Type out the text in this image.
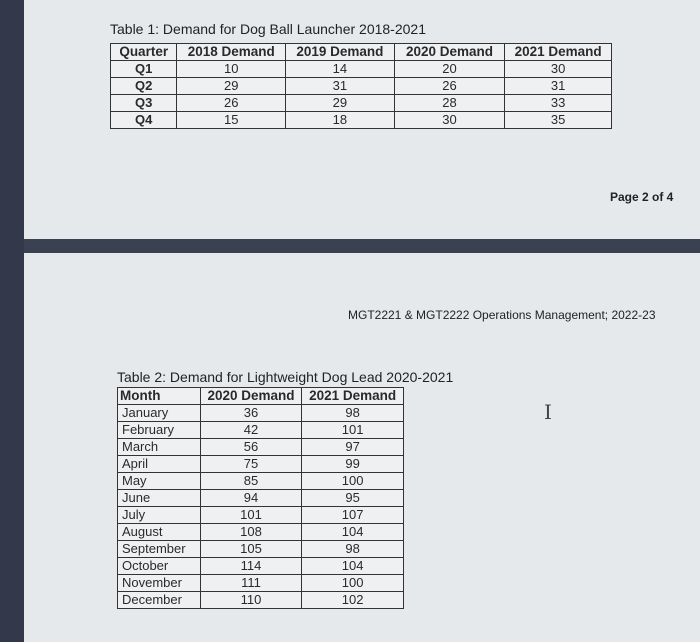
Table 1: Demand for Dog Ball Launcher 2018-2021
Quarter	2018 Demand	2019 Demand	2020 Demand	2021 Demand
Q1	10	14	20	30
Q2	29	31	26	31
Q3	26	29	28	33
Q4	15	18	30	35
Page 2 of 4
MGT2221 & MGT2222 Operations Management; 2022-23
Table 2: Demand for Lightweight Dog Lead 2020-2021
Month	2020 Demand	2021 Demand
January	36	98
February	42	101
March	56	97
April	75	99
May	85	100
June	94	95
July	101	107
August	108	104
September	105	98
October	114	104
November	111	100
December	110	102
Ⅰ
